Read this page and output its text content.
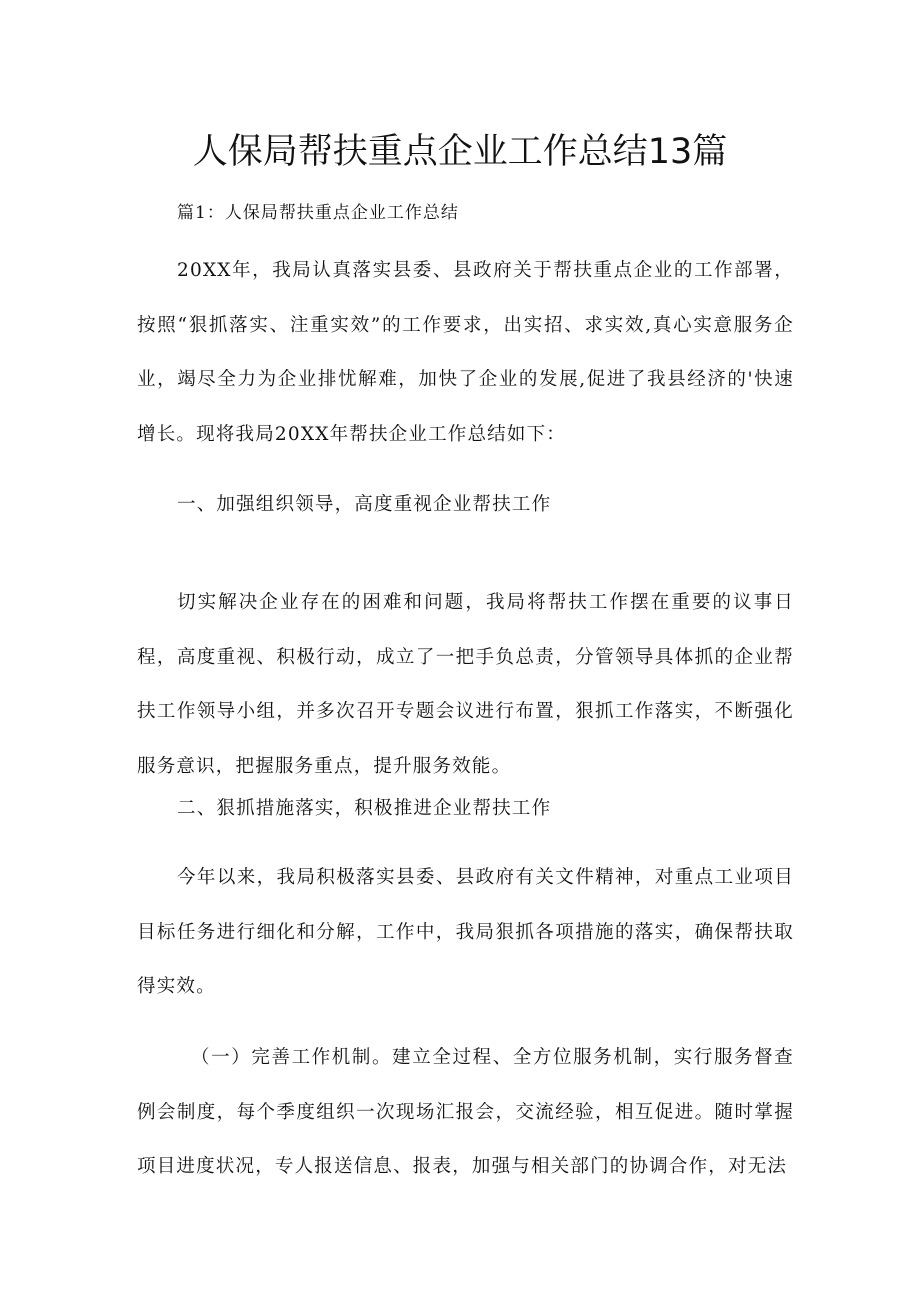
人保局帮扶重点企业工作总结13篇

篇1：人保局帮扶重点企业工作总结

20XX年，我局认真落实县委、县政府关于帮扶重点企业的工作部署，按照“狠抓落实、注重实效”的工作要求，出实招、求实效,真心实意服务企业，竭尽全力为企业排忧解难，加快了企业的发展,促进了我县经济的'快速增长。现将我局20XX年帮扶企业工作总结如下：

一、加强组织领导，高度重视企业帮扶工作

切实解决企业存在的困难和问题，我局将帮扶工作摆在重要的议事日程，高度重视、积极行动，成立了一把手负总责，分管领导具体抓的企业帮扶工作领导小组，并多次召开专题会议进行布置，狠抓工作落实，不断强化服务意识，把握服务重点，提升服务效能。

二、狠抓措施落实，积极推进企业帮扶工作

今年以来，我局积极落实县委、县政府有关文件精神，对重点工业项目目标任务进行细化和分解，工作中，我局狠抓各项措施的落实，确保帮扶取得实效。

（一）完善工作机制。建立全过程、全方位服务机制，实行服务督查例会制度，每个季度组织一次现场汇报会，交流经验，相互促进。随时掌握项目进度状况，专人报送信息、报表，加强与相关部门的协调合作，对无法
